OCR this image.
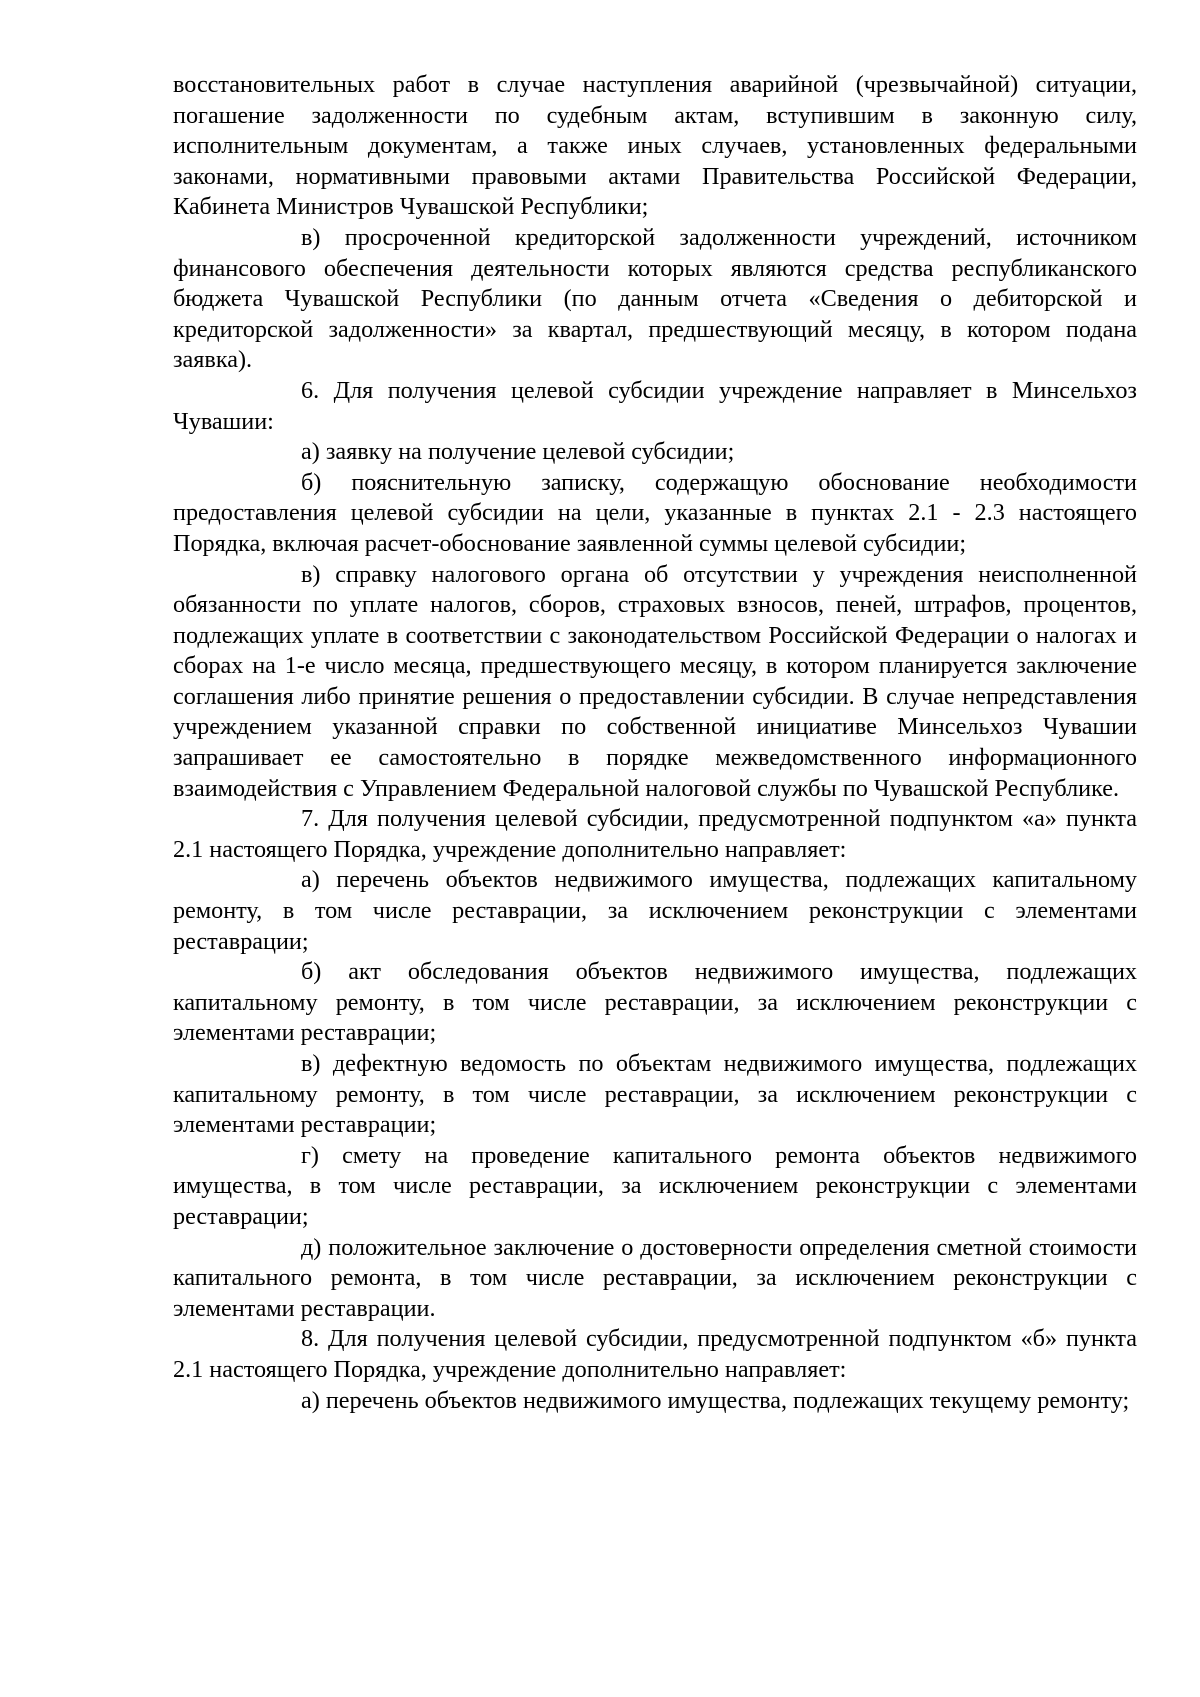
восстановительных работ в случае наступления аварийной (чрезвычайной) ситуации, погашение задолженности по судебным актам, вступившим в законную силу, исполнительным документам, а также иных случаев, установленных федеральными законами, нормативными правовыми актами Правительства Российской Федерации, Кабинета Министров Чувашской Республики;

в) просроченной кредиторской задолженности учреждений, источником финансового обеспечения деятельности которых являются средства республиканского бюджета Чувашской Республики (по данным отчета «Сведения о дебиторской и кредиторской задолженности» за квартал, предшествующий месяцу, в котором подана заявка).

6. Для получения целевой субсидии учреждение направляет в Минсельхоз Чувашии:

а) заявку на получение целевой субсидии;

б) пояснительную записку, содержащую обоснование необходимости предоставления целевой субсидии на цели, указанные в пунктах 2.1 - 2.3 настоящего Порядка, включая расчет-обоснование заявленной суммы целевой субсидии;

в) справку налогового органа об отсутствии у учреждения неисполненной обязанности по уплате налогов, сборов, страховых взносов, пеней, штрафов, процентов, подлежащих уплате в соответствии с законодательством Российской Федерации о налогах и сборах на 1-е число месяца, предшествующего месяцу, в котором планируется заключение соглашения либо принятие решения о предоставлении субсидии. В случае непредставления учреждением указанной справки по собственной инициативе Минсельхоз Чувашии запрашивает ее самостоятельно в порядке межведомственного информационного взаимодействия с Управлением Федеральной налоговой службы по Чувашской Республике.

7. Для получения целевой субсидии, предусмотренной подпунктом «а» пункта 2.1 настоящего Порядка, учреждение дополнительно направляет:

а) перечень объектов недвижимого имущества, подлежащих капитальному ремонту, в том числе реставрации, за исключением реконструкции с элементами реставрации;

б) акт обследования объектов недвижимого имущества, подлежащих капитальному ремонту, в том числе реставрации, за исключением реконструкции с элементами реставрации;

в) дефектную ведомость по объектам недвижимого имущества, подлежащих капитальному ремонту, в том числе реставрации, за исключением реконструкции с элементами реставрации;

г) смету на проведение капитального ремонта объектов недвижимого имущества, в том числе реставрации, за исключением реконструкции с элементами реставрации;

д) положительное заключение о достоверности определения сметной стоимости капитального ремонта, в том числе реставрации, за исключением реконструкции с элементами реставрации.

8. Для получения целевой субсидии, предусмотренной подпунктом «б» пункта 2.1 настоящего Порядка, учреждение дополнительно направляет:

а) перечень объектов недвижимого имущества, подлежащих текущему ремонту;
